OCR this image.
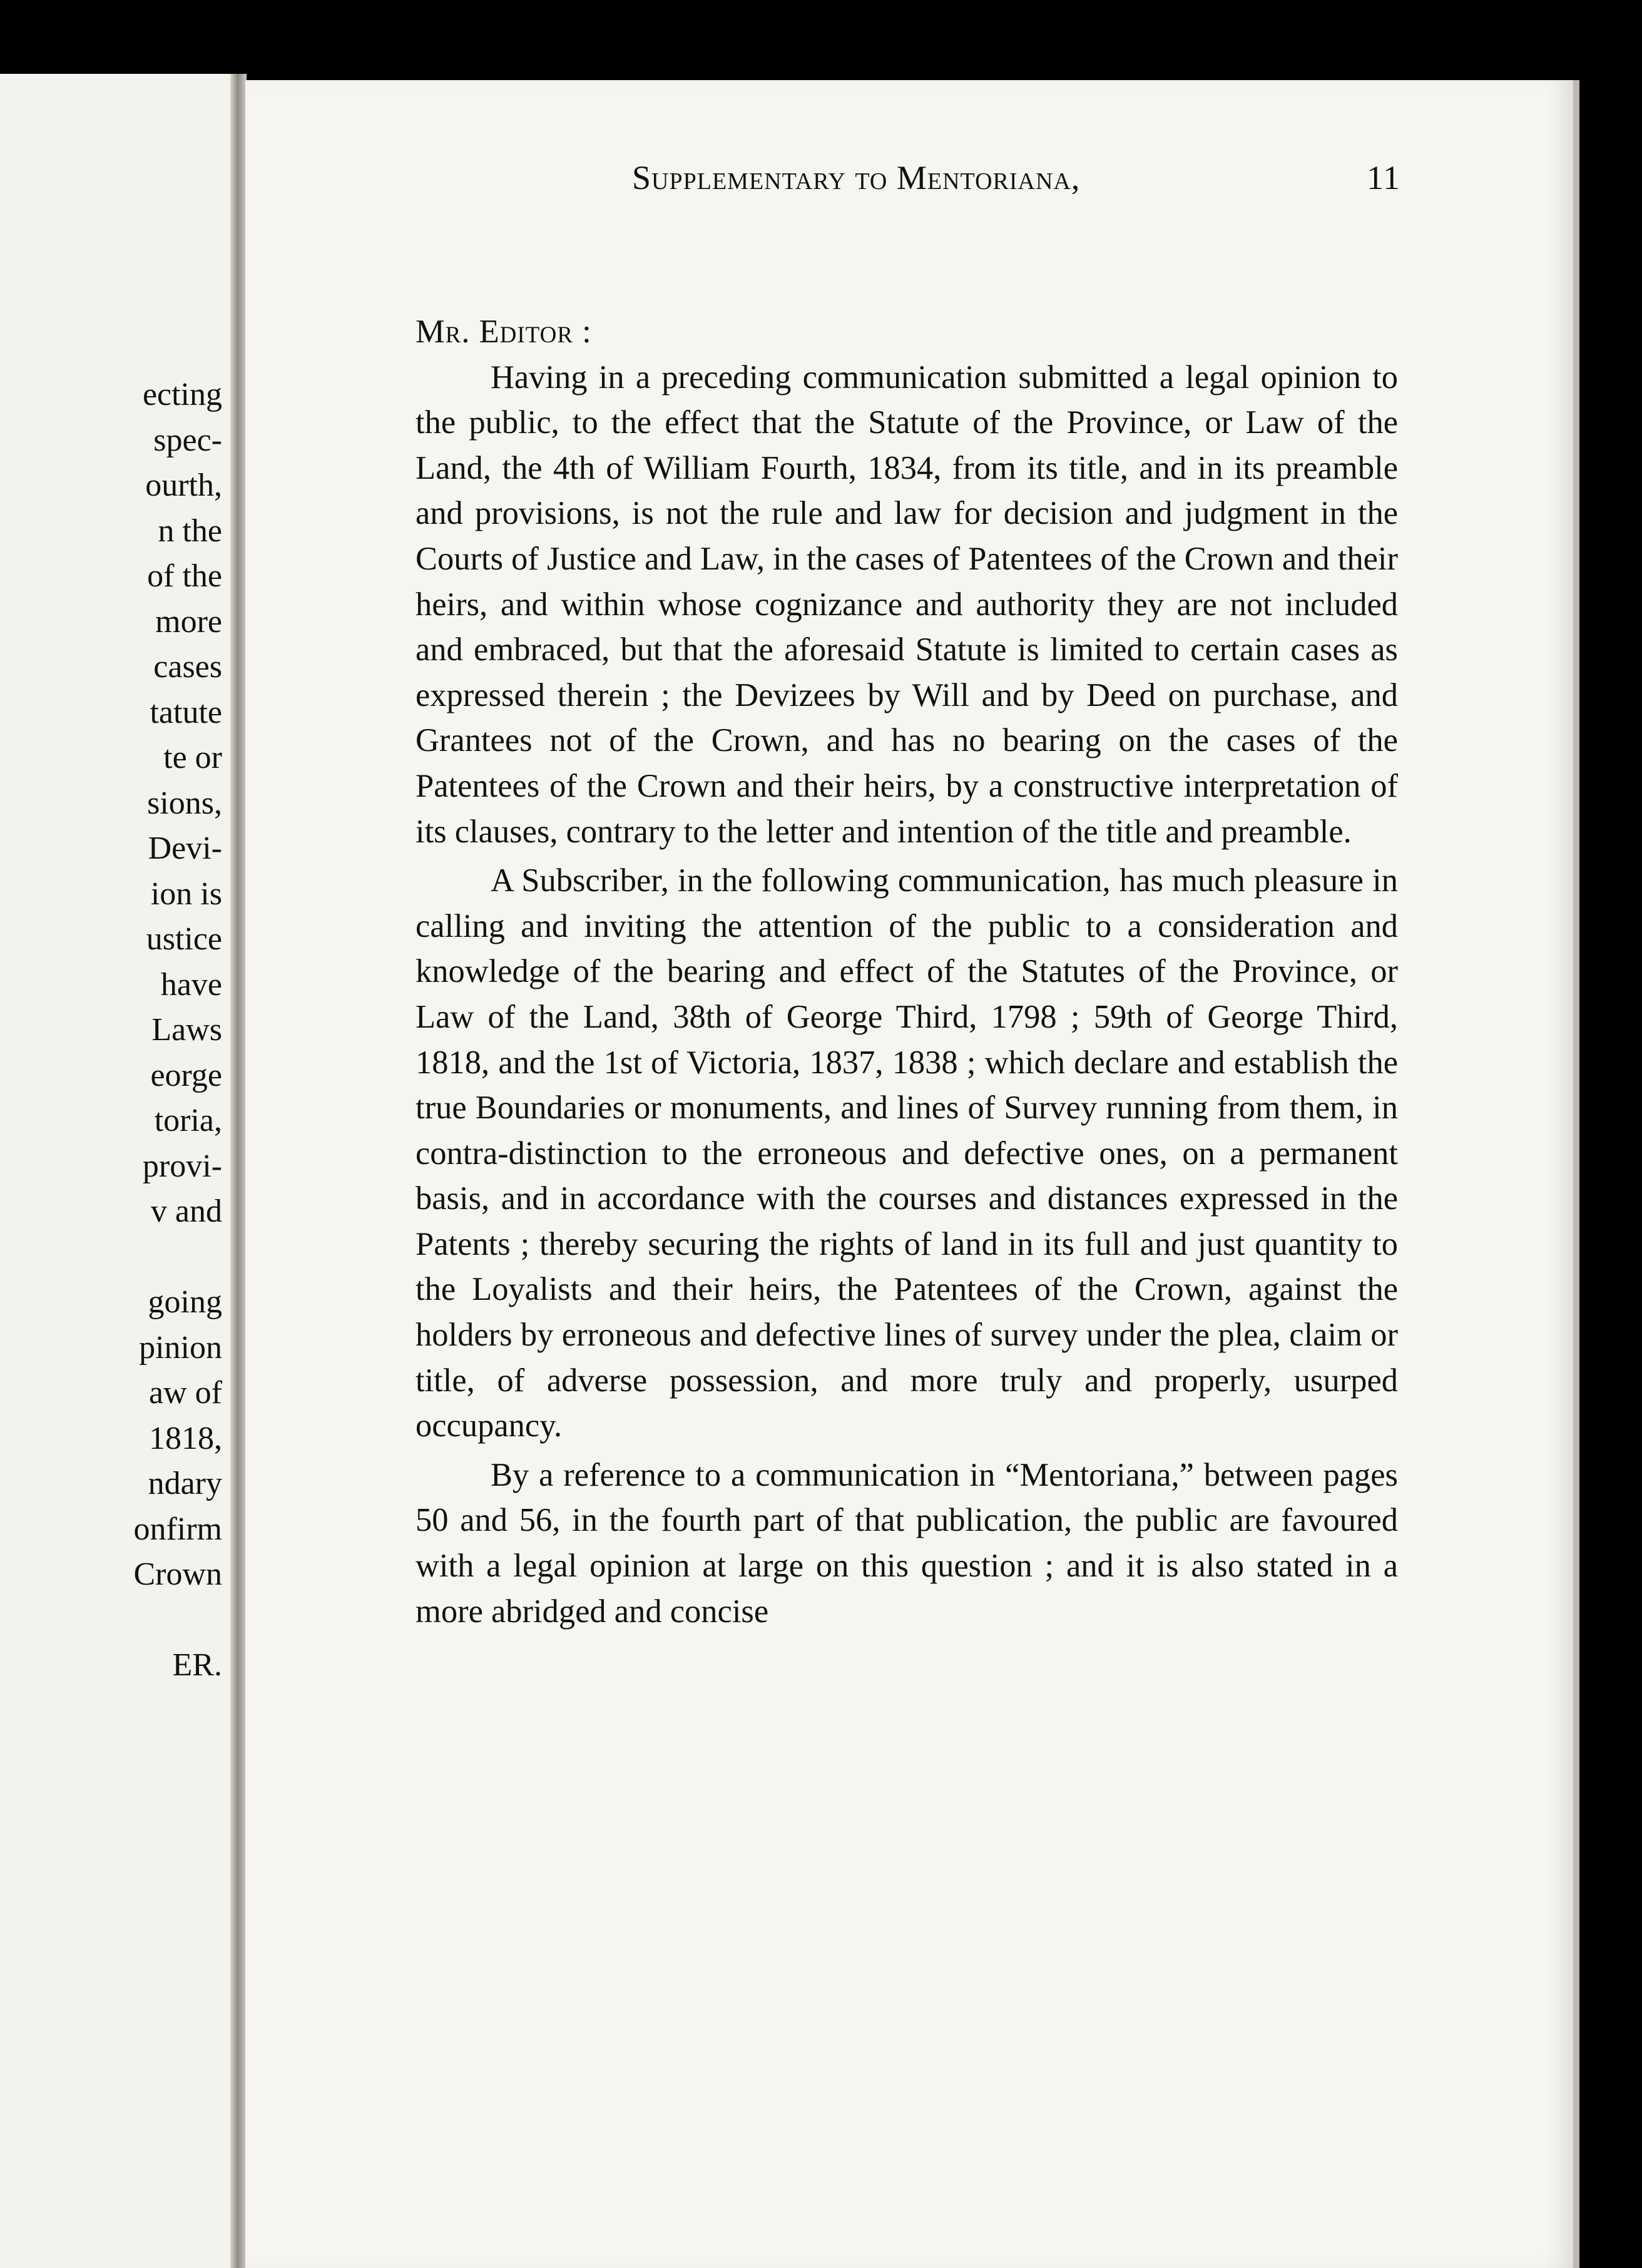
ecting
spec-
ourth,
n the
of the
more
cases
tatute
te or
sions,
Devi-
ion is
ustice
have
Laws
eorge
toria,
provi-
v and
going
pinion
aw of
1818,
ndary
onfirm
Crown
ER.
Supplementary to Mentoriana,	11
Mr. Editor :

Having in a preceding communication submitted a legal opinion to the public, to the effect that the Statute of the Province, or Law of the Land, the 4th of William Fourth, 1834, from its title, and in its preamble and provisions, is not the rule and law for decision and judgment in the Courts of Justice and Law, in the cases of Patentees of the Crown and their heirs, and within whose cognizance and authority they are not included and embraced, but that the aforesaid Statute is limited to certain cases as expressed therein ; the Devizees by Will and by Deed on purchase, and Grantees not of the Crown, and has no bearing on the cases of the Patentees of the Crown and their heirs, by a constructive interpretation of its clauses, contrary to the letter and intention of the title and preamble.

A Subscriber, in the following communication, has much pleasure in calling and inviting the attention of the public to a consideration and knowledge of the bearing and effect of the Statutes of the Province, or Law of the Land, 38th of George Third, 1798 ; 59th of George Third, 1818, and the 1st of Victoria, 1837, 1838 ; which declare and establish the true Boundaries or monuments, and lines of Survey running from them, in contra-distinction to the erroneous and defective ones, on a permanent basis, and in accordance with the courses and distances expressed in the Patents ; thereby securing the rights of land in its full and just quantity to the Loyalists and their heirs, the Patentees of the Crown, against the holders by erroneous and defective lines of survey under the plea, claim or title, of adverse possession, and more truly and properly, usurped occupancy.

By a reference to a communication in “Mentoriana,” between pages 50 and 56, in the fourth part of that publication, the public are favoured with a legal opinion at large on this question ; and it is also stated in a more abridged and concise
